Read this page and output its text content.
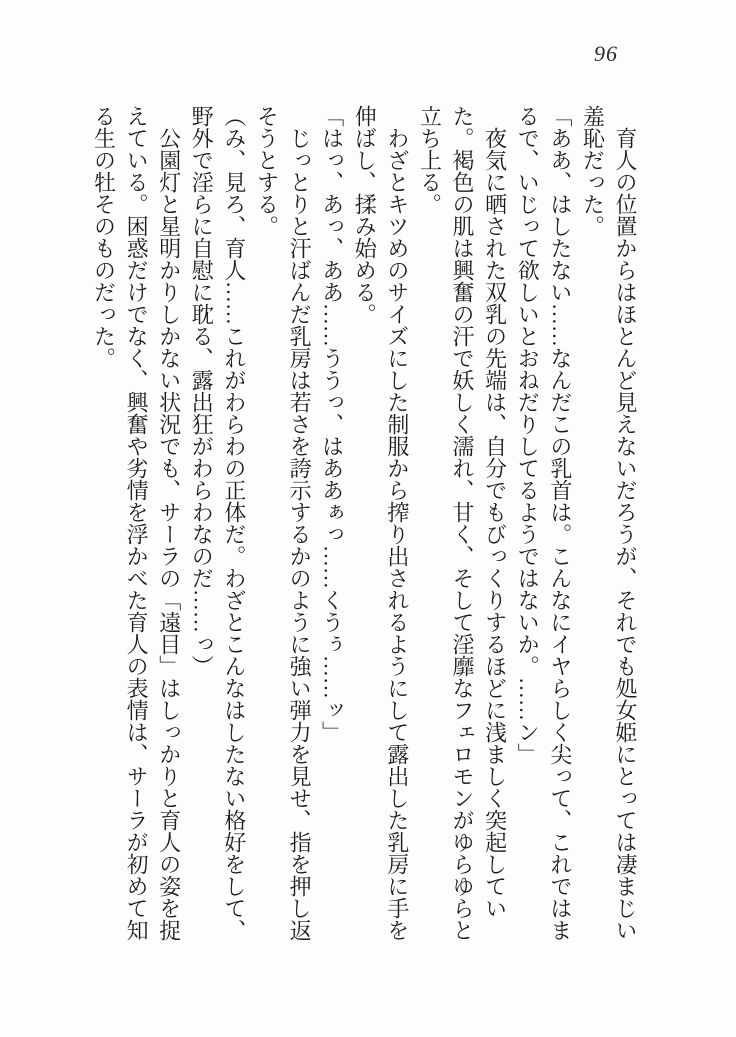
96

育人の位置からはほとんど見えないだろうが、それでも処女姫にとっては凄まじい羞恥だった。

「ああ、はしたない……なんだこの乳首は。こんなにイヤらしく尖って、これではまるで、いじって欲しいとおねだりしてるようではないか。……ン」

夜気に晒された双乳の先端は、自分でもびっくりするほどに浅ましく突起していた。褐色の肌は興奮の汗で妖しく濡れ、甘く、そして淫靡なフェロモンがゆらゆらと立ち上る。

わざとキツめのサイズにした制服から搾り出されるようにして露出した乳房に手を伸ばし、揉み始める。

「はっ、あっ、ああ……ううっ、はああぁっ……くうぅ……ッ」

じっとりと汗ばんだ乳房は若さを誇示するかのように強い弾力を見せ、指を押し返そうとする。

（み、見ろ、育人……これがわらわの正体だ。わざとこんなはしたない格好をして、野外で淫らに自慰に耽る、露出狂がわらわなのだ……っ）

公園灯と星明かりしかない状況でも、サーラの「遠目」はしっかりと育人の姿を捉えている。困惑だけでなく、興奮や劣情を浮かべた育人の表情は、サーラが初めて知る生の牡そのものだった。
